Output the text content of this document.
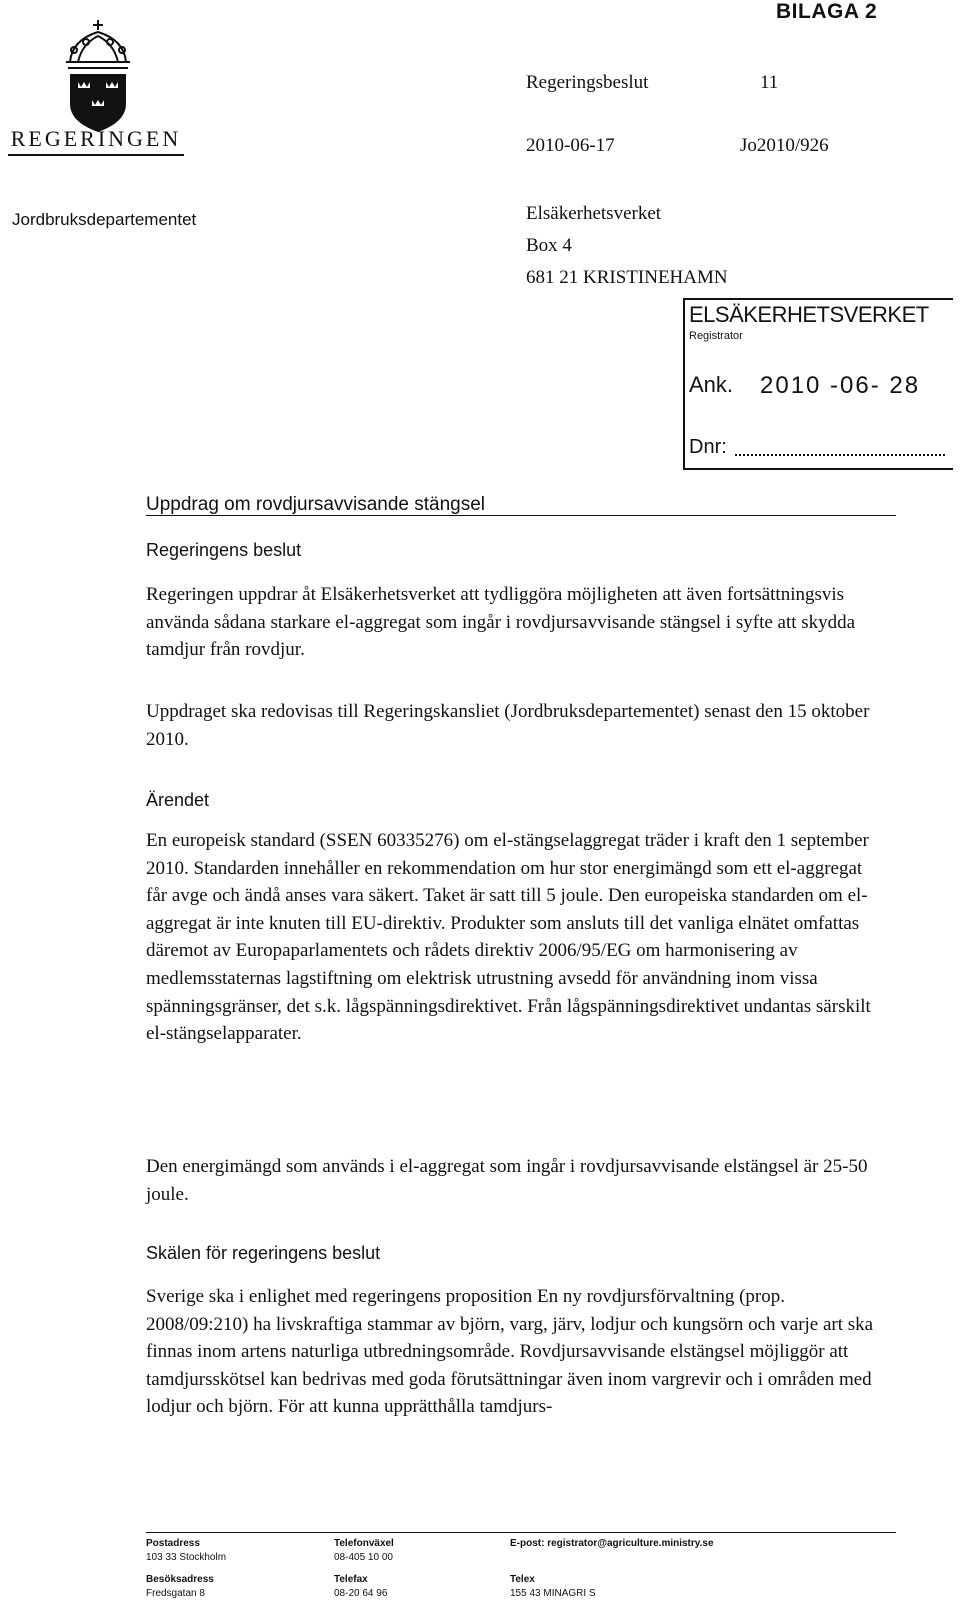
BILAGA 2
REGERINGEN
Jordbruksdepartementet
Regeringsbeslut	11
2010-06-17	Jo2010/926
Elsäkerhetsverket
Box 4
681 21 KRISTINEHAMN
ELSÄKERHETSVERKET
Registrator
Ank. 2010 -06- 28
Dnr:
Uppdrag om rovdjursavvisande stängsel
Regeringens beslut
Regeringen uppdrar åt Elsäkerhetsverket att tydliggöra möjligheten att även fortsättningsvis använda sådana starkare el-aggregat som ingår i rovdjursavvisande stängsel i syfte att skydda tamdjur från rovdjur.
Uppdraget ska redovisas till Regeringskansliet (Jordbruksdepartementet) senast den 15 oktober 2010.
Ärendet
En europeisk standard (SSEN 60335276) om el-stängselaggregat träder i kraft den 1 september 2010. Standarden innehåller en rekommendation om hur stor energimängd som ett el-aggregat får avge och ändå anses vara säkert. Taket är satt till 5 joule. Den europeiska standarden om el-aggregat är inte knuten till EU-direktiv. Produkter som ansluts till det vanliga elnätet omfattas däremot av Europaparlamentets och rådets direktiv 2006/95/EG om harmonisering av medlemsstaternas lagstiftning om elektrisk utrustning avsedd för användning inom vissa spänningsgränser, det s.k. lågspänningsdirektivet. Från lågspänningsdirektivet undantas särskilt el-stängselapparater.
Den energimängd som används i el-aggregat som ingår i rovdjursavvisande elstängsel är 25-50 joule.
Skälen för regeringens beslut
Sverige ska i enlighet med regeringens proposition En ny rovdjursförvaltning (prop. 2008/09:210) ha livskraftiga stammar av björn, varg, järv, lodjur och kungsörn och varje art ska finnas inom artens naturliga utbredningsområde. Rovdjursavvisande elstängsel möjliggör att tamdjursskötsel kan bedrivas med goda förutsättningar även inom vargrevir och i områden med lodjur och björn. För att kunna upprätthålla tamdjurs-
Postadress
103 33 Stockholm
Besöksadress
Fredsgatan 8
Telefonväxel
08-405 10 00
Telefax
08-20 64 96
E-post: registrator@agriculture.ministry.se
Telex
155 43 MINAGRI S
